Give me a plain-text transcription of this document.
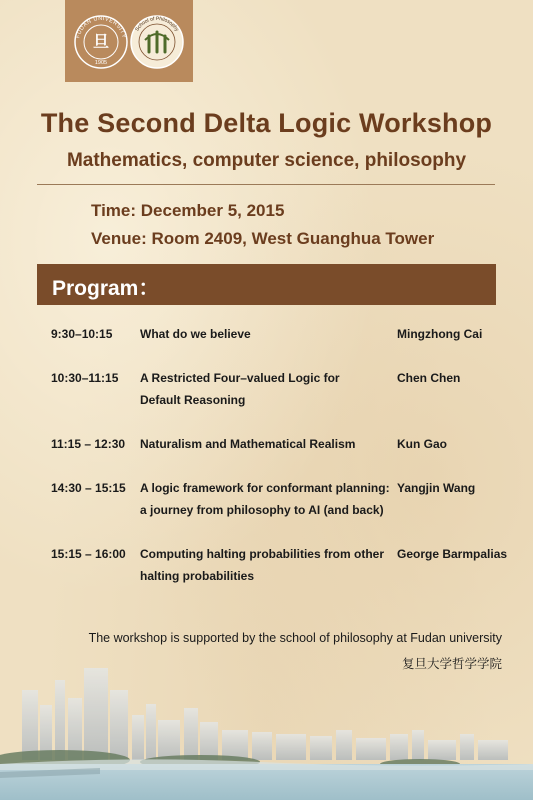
FUDAN UNIVERSITY
旦
1905
School of Philosophy
The Second Delta Logic Workshop
Mathematics, computer science, philosophy
Time: December 5, 2015
Venue: Room 2409, West Guanghua Tower
Program：
9:30–10:15 What do we believe	Mingzhong Cai
10:30–11:15 A Restricted Four–valued Logic for Default Reasoning
Chen Chen
11:15 – 12:30 Naturalism and Mathematical Realism	Kun Gao
14:30 – 15:15 A logic framework for conformant planning: a journey from philosophy to AI (and back)
Yangjin Wang
15:15 – 16:00 Computing halting probabilities from other halting probabilities
George Barmpalias
The workshop is supported by the school of philosophy at Fudan university
复旦大学哲学学院
